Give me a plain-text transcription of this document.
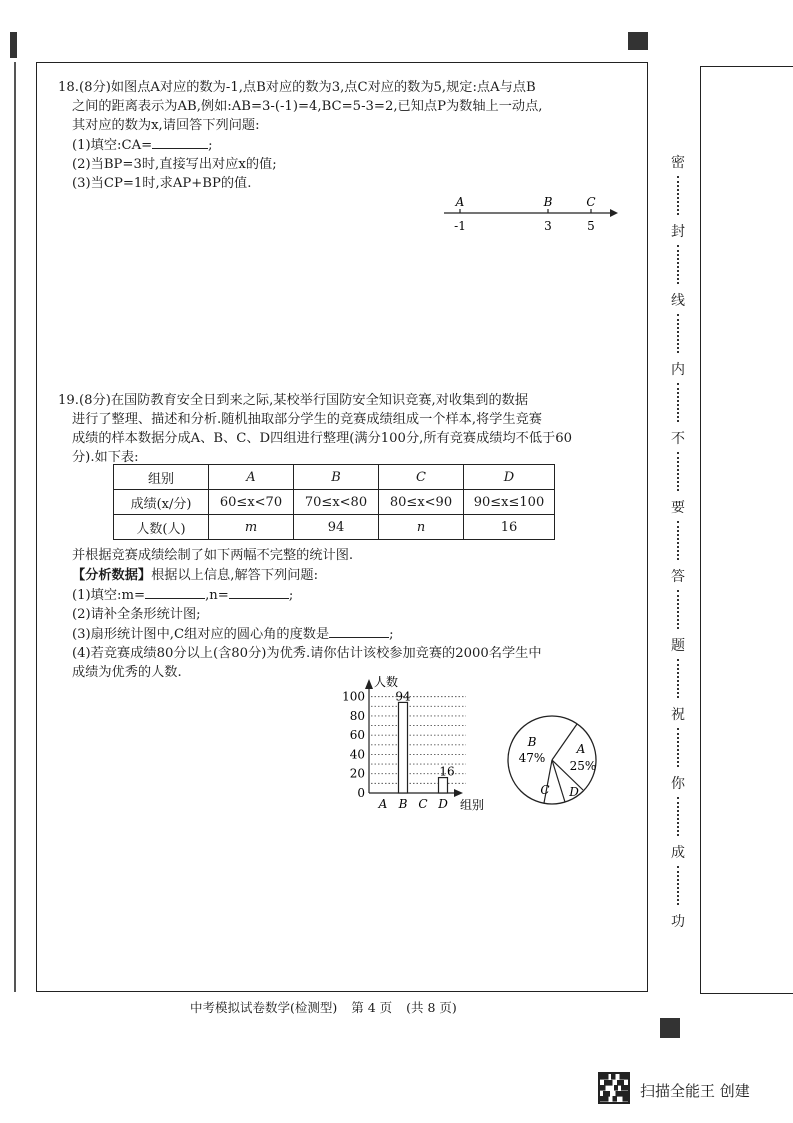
18.(8分)如图点A对应的数为-1,点B对应的数为3,点C对应的数为5,规定:点A与点B
之间的距离表示为AB,例如:AB=3-(-1)=4,BC=5-3=2,已知点P为数轴上一动点,
其对应的数为x,请回答下列问题:
(1)填空:CA=	;
(2)当BP=3时,直接写出对应x的值;
(3)当CP=1时,求AP+BP的值.
A
-1
B
3
C
5
19.(8分)在国防教育安全日到来之际,某校举行国防安全知识竞赛,对收集到的数据
进行了整理、描述和分析.随机抽取部分学生的竞赛成绩组成一个样本,将学生竞赛
成绩的样本数据分成A、B、C、D四组进行整理(满分100分,所有竞赛成绩均不低于60
分).如下表:
组别	A	B	C	D
成绩(x/分)	60≤x<70	70≤x<80	80≤x<90	90≤x≤100
人数(人)	m	94	n	16
并根据竞赛成绩绘制了如下两幅不完整的统计图.
【分析数据】根据以上信息,解答下列问题:
(1)填空:m=	,n=	;
(2)请补全条形统计图;
(3)扇形统计图中,C组对应的圆心角的度数是	;
(4)若竞赛成绩80分以上(含80分)为优秀.请你估计该校参加竞赛的2000名学生中
成绩为优秀的人数.
0
20
40
60
80
100
A B C D
94
16
人数
组别
B
47%
A
25%
D
C
密
封
线
内
不
要
答
题
祝
你
成
功
中考模拟试卷数学(检测型) 第 4 页 (共 8 页)
扫描全能王 创建
